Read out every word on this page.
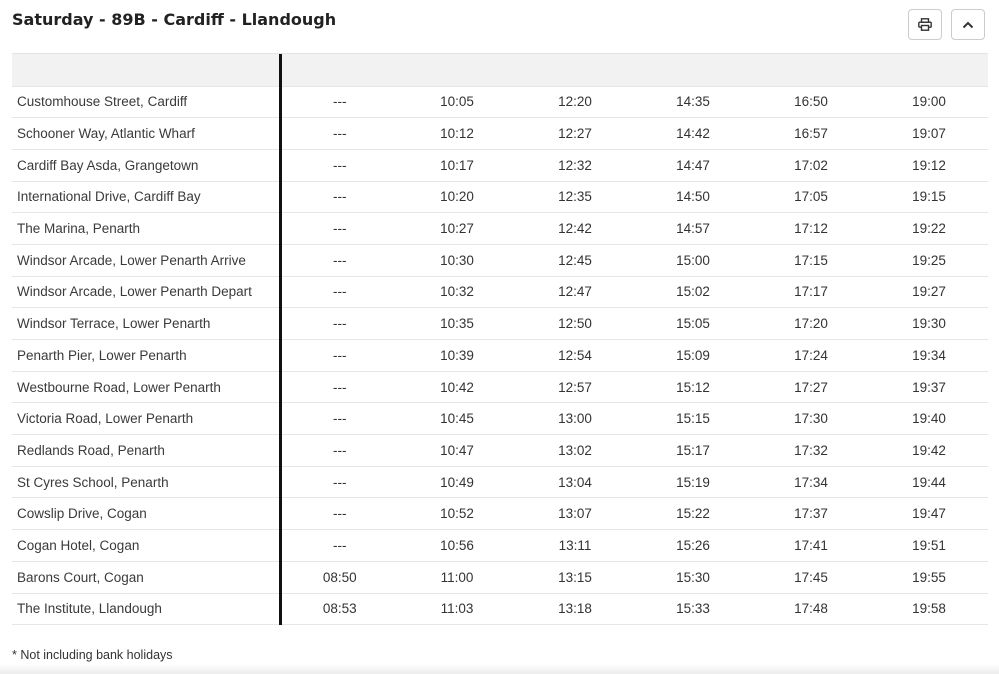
Saturday - 89B - Cardiff - Llandough

Customhouse Street, Cardiff	---	10:05	12:20	14:35	16:50	19:00
Schooner Way, Atlantic Wharf	---	10:12	12:27	14:42	16:57	19:07
Cardiff Bay Asda, Grangetown	---	10:17	12:32	14:47	17:02	19:12
International Drive, Cardiff Bay	---	10:20	12:35	14:50	17:05	19:15
The Marina, Penarth	---	10:27	12:42	14:57	17:12	19:22
Windsor Arcade, Lower Penarth Arrive	---	10:30	12:45	15:00	17:15	19:25
Windsor Arcade, Lower Penarth Depart	---	10:32	12:47	15:02	17:17	19:27
Windsor Terrace, Lower Penarth	---	10:35	12:50	15:05	17:20	19:30
Penarth Pier, Lower Penarth	---	10:39	12:54	15:09	17:24	19:34
Westbourne Road, Lower Penarth	---	10:42	12:57	15:12	17:27	19:37
Victoria Road, Lower Penarth	---	10:45	13:00	15:15	17:30	19:40
Redlands Road, Penarth	---	10:47	13:02	15:17	17:32	19:42
St Cyres School, Penarth	---	10:49	13:04	15:19	17:34	19:44
Cowslip Drive, Cogan	---	10:52	13:07	15:22	17:37	19:47
Cogan Hotel, Cogan	---	10:56	13:11	15:26	17:41	19:51
Barons Court, Cogan	08:50	11:00	13:15	15:30	17:45	19:55
The Institute, Llandough	08:53	11:03	13:18	15:33	17:48	19:58
* Not including bank holidays
